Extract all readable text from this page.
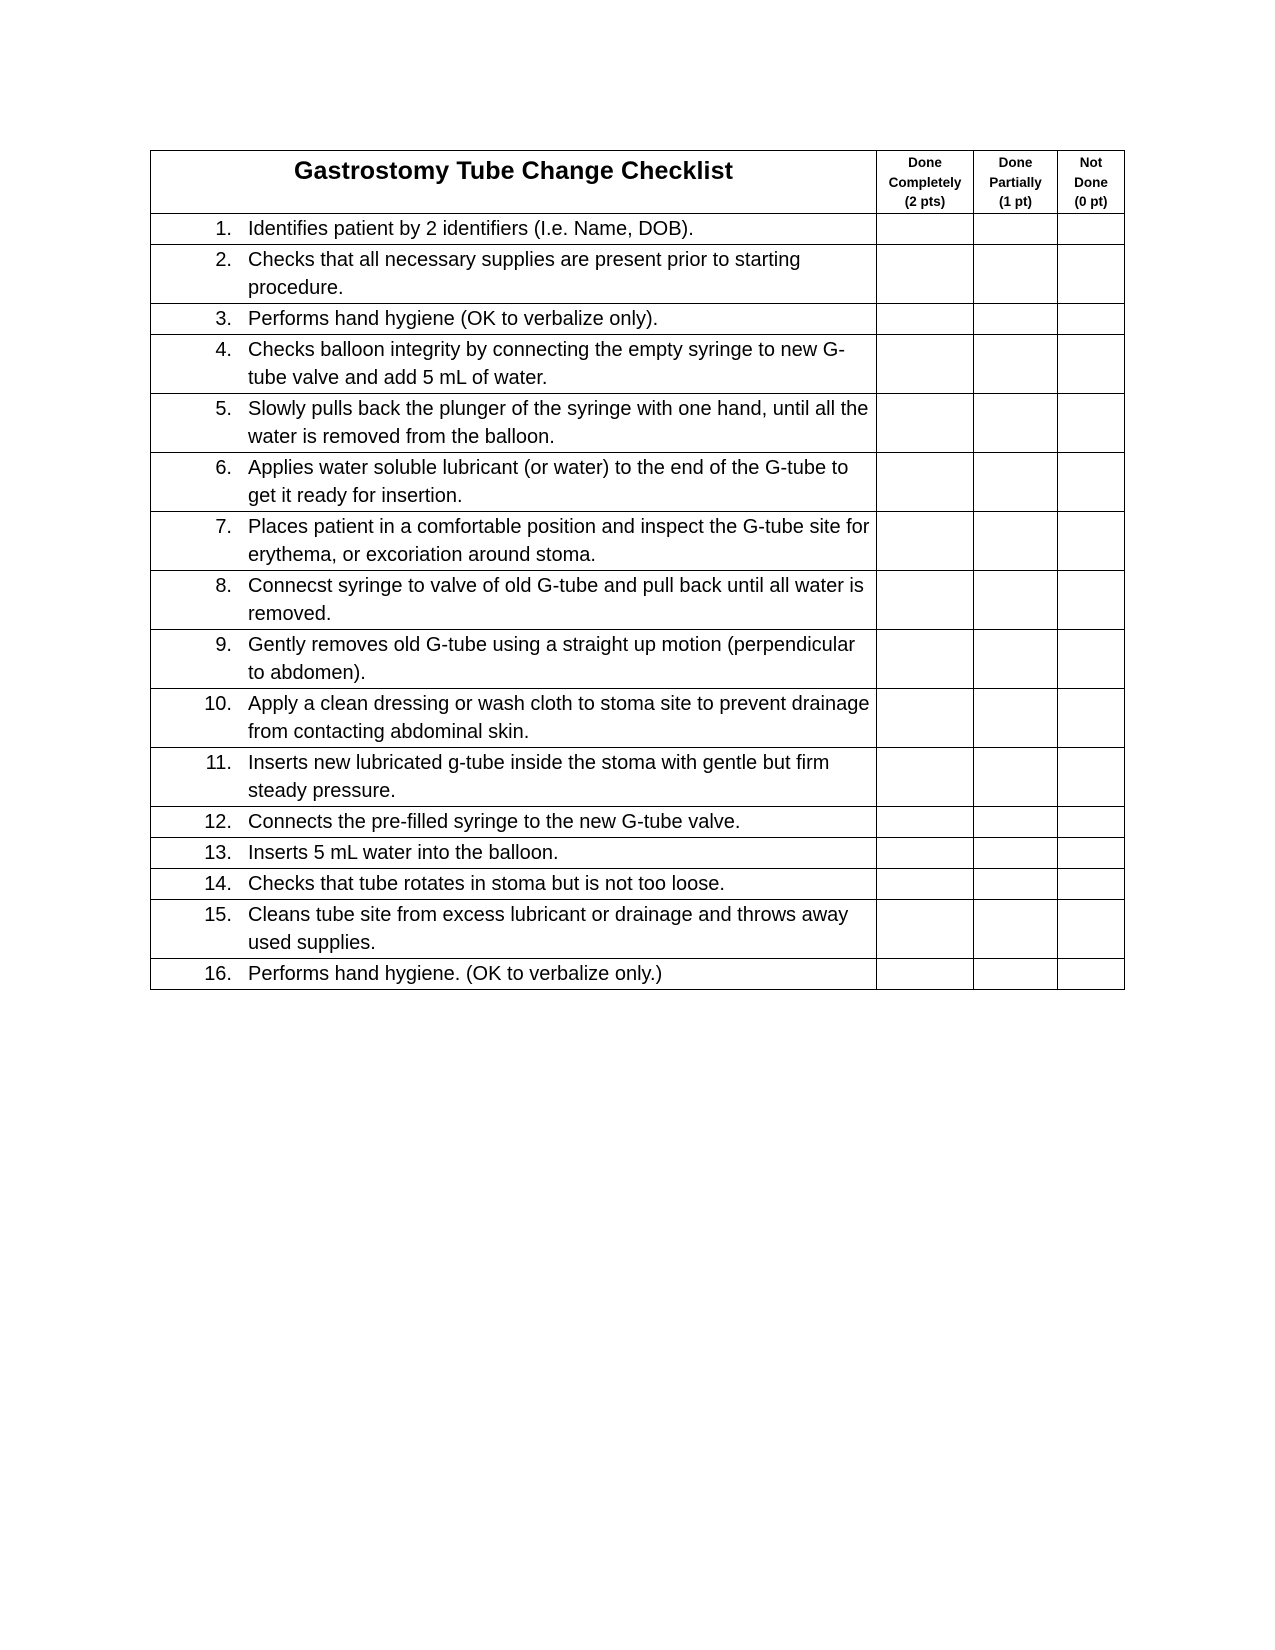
Gastrostomy Tube Change Checklist	Done
Completely
(2 pts)	Done
Partially
(1 pt)	Not
Done
(0 pt)

1. Identifies patient by 2 identifiers (I.e. Name, DOB).			

2. Checks that all necessary supplies are present prior to starting procedure.			

3. Performs hand hygiene (OK to verbalize only).			

4. Checks balloon integrity by connecting the empty syringe to new G-tube valve and add 5 mL of water.			

5. Slowly pulls back the plunger of the syringe with one hand, until all the water is removed from the balloon.			

6. Applies water soluble lubricant (or water) to the end of the G-tube to get it ready for insertion.			

7. Places patient in a comfortable position and inspect the G-tube site for erythema, or excoriation around stoma.			

8. Connecst syringe to valve of old G-tube and pull back until all water is removed.			

9. Gently removes old G-tube using a straight up motion (perpendicular to abdomen).			

10. Apply a clean dressing or wash cloth to stoma site to prevent drainage from contacting abdominal skin.			

11. Inserts new lubricated g-tube inside the stoma with gentle but firm steady pressure.			

12. Connects the pre-filled syringe to the new G-tube valve.			

13. Inserts 5 mL water into the balloon.			

14. Checks that tube rotates in stoma but is not too loose.			

15. Cleans tube site from excess lubricant or drainage and throws away used supplies.			

16. Performs hand hygiene. (OK to verbalize only.)			
